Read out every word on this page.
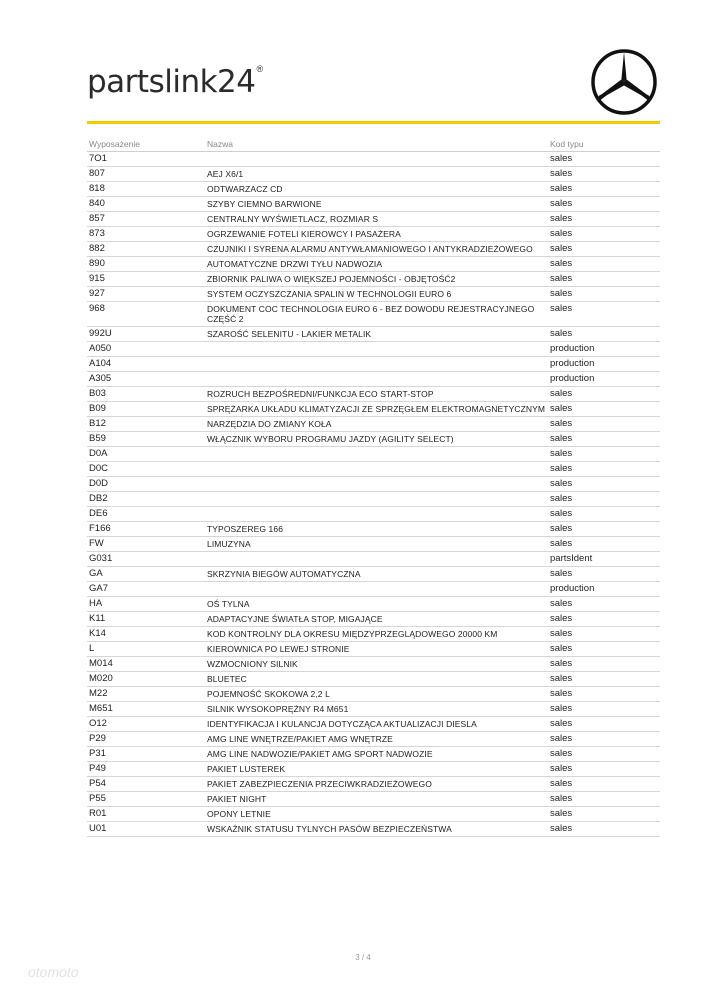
partslink24 ®
Wyposażenie	Nazwa	Kod typu
7O1		sales
807	AEJ X6/1	sales
818	ODTWARZACZ CD	sales
840	SZYBY CIEMNO BARWIONE	sales
857	CENTRALNY WYŚWIETLACZ, ROZMIAR S	sales
873	OGRZEWANIE FOTELI KIEROWCY I PASAŻERA	sales
882	CZUJNIKI I SYRENA ALARMU ANTYWŁAMANIOWEGO I ANTYKRADZIEŻOWEGO	sales
890	AUTOMATYCZNE DRZWI TYŁU NADWOZIA	sales
915	ZBIORNIK PALIWA O WIĘKSZEJ POJEMNOŚCI - OBJĘTOŚĆ2	sales
927	SYSTEM OCZYSZCZANIA SPALIN W TECHNOLOGII EURO 6	sales
968	DOKUMENT COC TECHNOLOGIA EURO 6 - BEZ DOWODU REJESTRACYJNEGO CZĘŚĆ 2	sales
992U	SZAROŚĆ SELENITU - LAKIER METALIK	sales
A050		production
A104		production
A305		production
B03	ROZRUCH BEZPOŚREDNI/FUNKCJA ECO START-STOP	sales
B09	SPRĘŻARKA UKŁADU KLIMATYZACJI ZE SPRZĘGŁEM ELEKTROMAGNETYCZNYM	sales
B12	NARZĘDZIA DO ZMIANY KOŁA	sales
B59	WŁĄCZNIK WYBORU PROGRAMU JAZDY (AGILITY SELECT)	sales
D0A		sales
D0C		sales
D0D		sales
DB2		sales
DE6		sales
F166	TYPOSZEREG 166	sales
FW	LIMUZYNA	sales
G031		partsIdent
GA	SKRZYNIA BIEGÓW AUTOMATYCZNA	sales
GA7		production
HA	OŚ TYLNA	sales
K11	ADAPTACYJNE ŚWIATŁA STOP, MIGAJĄCE	sales
K14	KOD KONTROLNY DLA OKRESU MIĘDZYPRZEGLĄDOWEGO 20000 KM	sales
L	KIEROWNICA PO LEWEJ STRONIE	sales
M014	WZMOCNIONY SILNIK	sales
M020	BLUETEC	sales
M22	POJEMNOŚĆ SKOKOWA 2,2 L	sales
M651	SILNIK WYSOKOPRĘŻNY R4 M651	sales
O12	IDENTYFIKACJA I KULANCJA DOTYCZĄCA AKTUALIZACJI DIESLA	sales
P29	AMG LINE WNĘTRZE/PAKIET AMG WNĘTRZE	sales
P31	AMG LINE NADWOZIE/PAKIET AMG SPORT NADWOZIE	sales
P49	PAKIET LUSTEREK	sales
P54	PAKIET ZABEZPIECZENIA PRZECIWKRADZIEŻOWEGO	sales
P55	PAKIET NIGHT	sales
R01	OPONY LETNIE	sales
U01	WSKAŹNIK STATUSU TYLNYCH PASÓW BEZPIECZEŃSTWA	sales
3 / 4
otomoto
